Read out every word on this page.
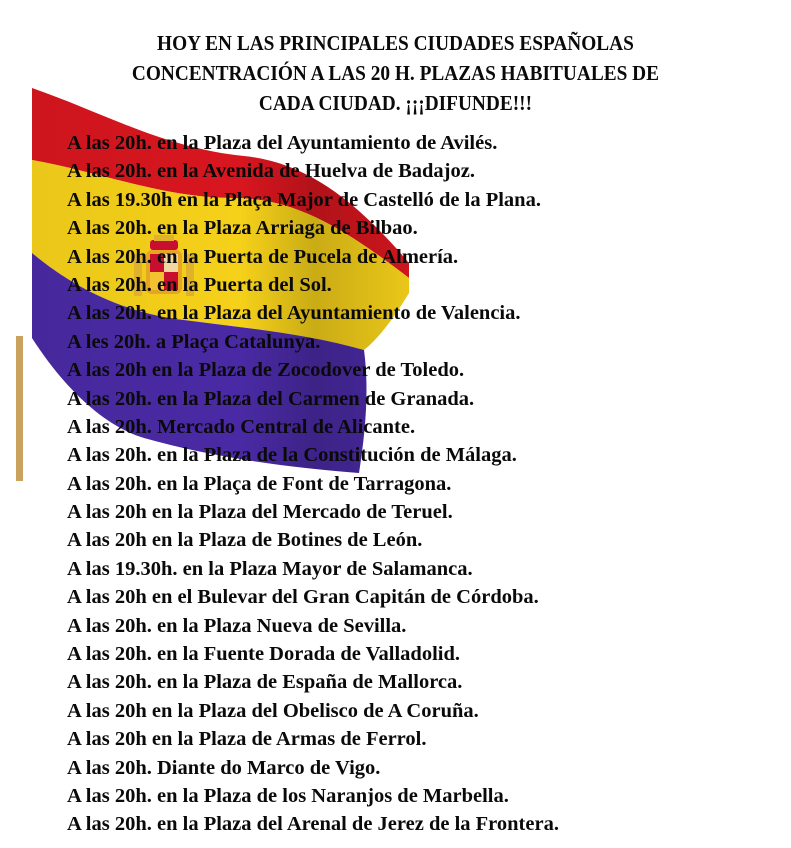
HOY EN LAS PRINCIPALES CIUDADES ESPAÑOLAS
CONCENTRACIÓN A LAS 20 H. PLAZAS HABITUALES DE
CADA CIUDAD. ¡¡¡DIFUNDE!!!
A las 20h. en la Plaza del Ayuntamiento de Avilés.
A las 20h. en la Avenida de Huelva de Badajoz.
A las 19.30h en la Plaça Major de Castelló de la Plana.
A las 20h. en la Plaza Arriaga de Bilbao.
A las 20h. en la Puerta de Pucela de Almería.
A las 20h. en la Puerta del Sol.
A las 20h. en la Plaza del Ayuntamiento de Valencia.
A les 20h. a Plaça Catalunya.
A las 20h en la Plaza de Zocodover de Toledo.
A las 20h. en la Plaza del Carmen de Granada.
A las 20h. Mercado Central de Alicante.
A las 20h. en la Plaza de la Constitución de Málaga.
A las 20h. en la Plaça de Font de Tarragona.
A las 20h en la Plaza del Mercado de Teruel.
A las 20h en la Plaza de Botines de León.
A las 19.30h. en la Plaza Mayor de Salamanca.
A las 20h en el Bulevar del Gran Capitán de Córdoba.
A las 20h. en la Plaza Nueva de Sevilla.
A las 20h. en la Fuente Dorada de Valladolid.
A las 20h. en la Plaza de España de Mallorca.
A las 20h en la Plaza del Obelisco de A Coruña.
A las 20h en la Plaza de Armas de Ferrol.
A las 20h. Diante do Marco de Vigo.
A las 20h. en la Plaza de los Naranjos de Marbella.
A las 20h. en la Plaza del Arenal de Jerez de la Frontera.
